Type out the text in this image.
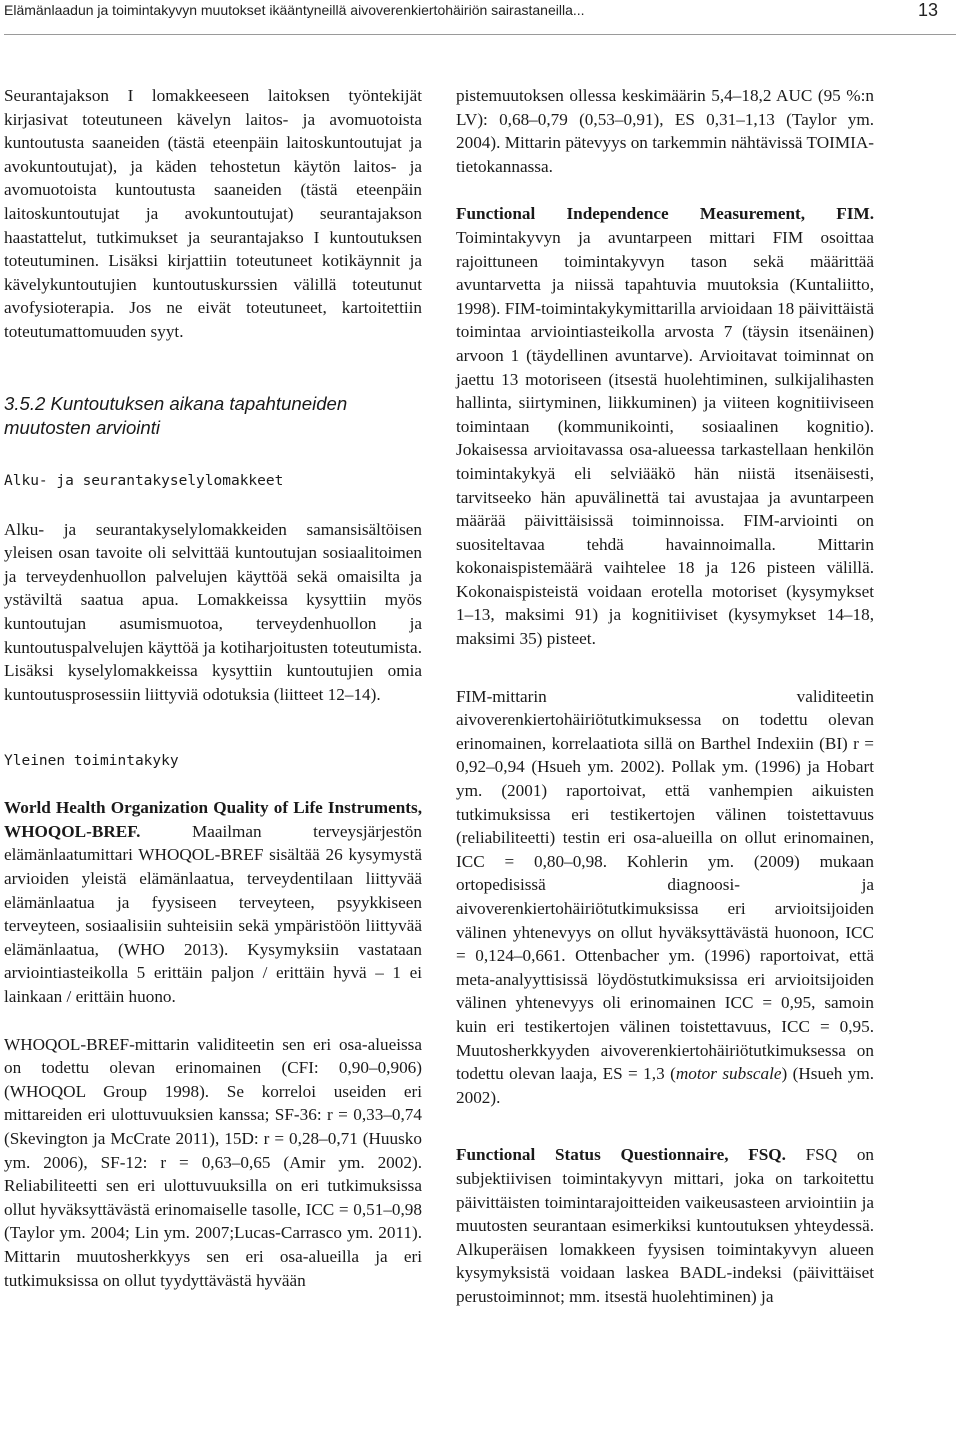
Elämänlaadun ja toimintakyvyn muutokset ikääntyneillä aivoverenkiertohäiriön sairastaneilla...	13

Seurantajakson I lomakkeeseen laitoksen työntekijät kirjasivat toteutuneen kävelyn laitos- ja avomuotoista kuntoutusta saaneiden (tästä eteenpäin laitoskuntoutujat ja avokuntoutujat), ja käden tehostetun käytön laitos- ja avomuotoista kuntoutusta saaneiden (tästä eteenpäin laitoskuntoutujat ja avokuntoutujat) seurantajakson haastattelut, tutkimukset ja seurantajakso I kuntoutuksen toteutuminen. Lisäksi kirjattiin toteutuneet kotikäynnit ja kävelykuntoutujien kuntoutuskurssien välillä toteutunut avofysioterapia. Jos ne eivät toteutuneet, kartoitettiin toteutumattomuuden syyt.

3.5.2 Kuntoutuksen aikana tapahtuneiden muutosten arviointi
Alku- ja seurantakyselylomakkeet

Alku- ja seurantakyselylomakkeiden samansisältöisen yleisen osan tavoite oli selvittää kuntoutujan sosiaalitoimen ja terveydenhuollon palvelujen käyttöä sekä omaisilta ja ystäviltä saatua apua. Lomakkeissa kysyttiin myös kuntoutujan asumismuotoa, terveydenhuollon ja kuntoutuspalvelujen käyttöä ja kotiharjoitusten toteutumista. Lisäksi kyselylomakkeissa kysyttiin kuntoutujien omia kuntoutusprosessiin liittyviä odotuksia (liitteet 12–14).

Yleinen toimintakyky

World Health Organization Quality of Life Instruments, WHOQOL-BREF. Maailman terveysjärjestön elämänlaatumittari WHOQOL-BREF sisältää 26 kysymystä arvioiden yleistä elämänlaatua, terveydentilaan liittyvää elämänlaatua ja fyysiseen terveyteen, psyykkiseen terveyteen, sosiaalisiin suhteisiin sekä ympäristöön liittyvää elämänlaatua, (WHO 2013). Kysymyksiin vastataan arviointiasteikolla 5 erittäin paljon / erittäin hyvä – 1 ei lainkaan / erittäin huono.

WHOQOL-BREF-mittarin validiteetin sen eri osa-alueissa on todettu olevan erinomainen (CFI: 0,90–0,906) (WHOQOL Group 1998). Se korreloi useiden eri mittareiden eri ulottuvuuksien kanssa; SF-36: r = 0,33–0,74 (Skevington ja McCrate 2011), 15D: r = 0,28–0,71 (Huusko ym. 2006), SF-12: r = 0,63–0,65 (Amir ym. 2002). Reliabiliteetti sen eri ulottuvuuksilla on eri tutkimuksissa ollut hyväksyttävästä erinomaiselle tasolle, ICC = 0,51–0,98 (Taylor ym. 2004; Lin ym. 2007;Lucas-Carrasco ym. 2011). Mittarin muutosherkkyys sen eri osa-alueilla ja eri tutkimuksissa on ollut tyydyttävästä hyvään

pistemuutoksen ollessa keskimäärin 5,4–18,2 AUC (95 %:n LV): 0,68–0,79 (0,53–0,91), ES 0,31–1,13 (Taylor ym. 2004). Mittarin pätevyys on tarkemmin nähtävissä TOIMIA-tietokannassa.

Functional Independence Measurement, FIM. Toimintakyvyn ja avuntarpeen mittari FIM osoittaa rajoittuneen toimintakyvyn tason sekä määrittää avuntarvetta ja niissä tapahtuvia muutoksia (Kuntaliitto, 1998). FIM-toimintakykymittarilla arvioidaan 18 päivittäistä toimintaa arviointiasteikolla arvosta 7 (täysin itsenäinen) arvoon 1 (täydellinen avuntarve). Arvioitavat toiminnat on jaettu 13 motoriseen (itsestä huolehtiminen, sulkijalihasten hallinta, siirtyminen, liikkuminen) ja viiteen kognitiiviseen toimintaan (kommunikointi, sosiaalinen kognitio). Jokaisessa arvioitavassa osa-alueessa tarkastellaan henkilön toimintakykyä eli selviääkö hän niistä itsenäisesti, tarvitseeko hän apuvälinettä tai avustajaa ja avuntarpeen määrää päivittäisissä toiminnoissa. FIM-arviointi on suositeltavaa tehdä havainnoimalla. Mittarin kokonaispistemäärä vaihtelee 18 ja 126 pisteen välillä. Kokonaispisteistä voidaan erotella motoriset (kysymykset 1–13, maksimi 91) ja kognitiiviset (kysymykset 14–18, maksimi 35) pisteet.

FIM-mittarin validiteetin aivoverenkiertohäiriötutkimuksessa on todettu olevan erinomainen, korrelaatiota sillä on Barthel Indexiin (BI) r = 0,92–0,94 (Hsueh ym. 2002). Pollak ym. (1996) ja Hobart ym. (2001) raportoivat, että vanhempien aikuisten tutkimuksissa eri testikertojen välinen toistettavuus (reliabiliteetti) testin eri osa-alueilla on ollut erinomainen, ICC = 0,80–0,98. Kohlerin ym. (2009) mukaan ortopedisissä diagnoosi- ja aivoverenkiertohäiriötutkimuksissa eri arvioitsijoiden välinen yhtenevyys on ollut hyväksyttävästä huonoon, ICC = 0,124–0,661. Ottenbacher ym. (1996) raportoivat, että meta-analyyttisissä löydöstutkimuksissa eri arvioitsijoiden välinen yhtenevyys oli erinomainen ICC = 0,95, samoin kuin eri testikertojen välinen toistettavuus, ICC = 0,95. Muutosherkkyyden aivoverenkiertohäiriötutkimuksessa on todettu olevan laaja, ES = 1,3 (motor subscale) (Hsueh ym. 2002).

Functional Status Questionnaire, FSQ. FSQ on subjektiivisen toimintakyvyn mittari, joka on tarkoitettu päivittäisten toimintarajoitteiden vaikeusasteen arviointiin ja muutosten seurantaan esimerkiksi kuntoutuksen yhteydessä. Alkuperäisen lomakkeen fyysisen toimintakyvyn alueen kysymyksistä voidaan laskea BADL-indeksi (päivittäiset perustoiminnot; mm. itsestä huolehtiminen) ja
